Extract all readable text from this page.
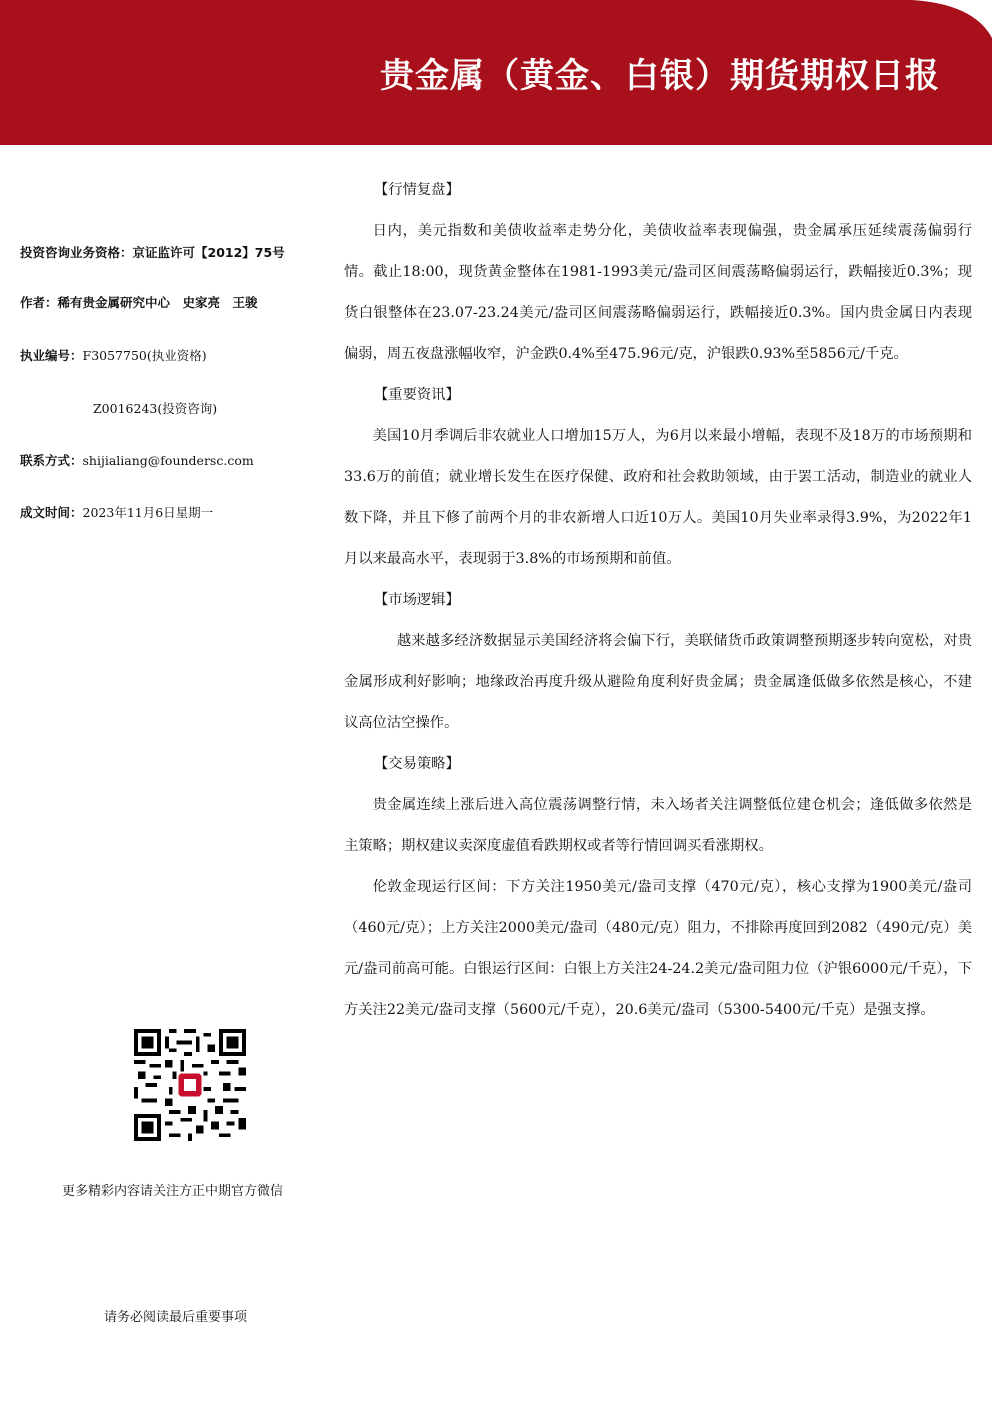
贵金属（黄金、白银）期货期权日报
投资咨询业务资格：京证监许可【2012】75号
作者：稀有贵金属研究中心　史家亮　王骏
执业编号：F3057750(执业资格)
Z0016243(投资咨询)
联系方式：shijialiang@foundersc.com
成文时间：2023年11月6日星期一
更多精彩内容请关注方正中期官方微信
请务必阅读最后重要事项
【行情复盘】

日内，美元指数和美债收益率走势分化，美债收益率表现偏强，贵金属承压延续震荡偏弱行情。截止18:00，现货黄金整体在1981-1993美元/盎司区间震荡略偏弱运行，跌幅接近0.3%；现货白银整体在23.07-23.24美元/盎司区间震荡略偏弱运行，跌幅接近0.3%。国内贵金属日内表现偏弱，周五夜盘涨幅收窄，沪金跌0.4%至475.96元/克，沪银跌0.93%至5856元/千克。

【重要资讯】

美国10月季调后非农就业人口增加15万人，为6月以来最小增幅，表现不及18万的市场预期和33.6万的前值；就业增长发生在医疗保健、政府和社会救助领域，由于罢工活动，制造业的就业人数下降，并且下修了前两个月的非农新增人口近10万人。美国10月失业率录得3.9%，为2022年1月以来最高水平，表现弱于3.8%的市场预期和前值。

【市场逻辑】

越来越多经济数据显示美国经济将会偏下行，美联储货币政策调整预期逐步转向宽松，对贵金属形成利好影响；地缘政治再度升级从避险角度利好贵金属；贵金属逢低做多依然是核心，不建议高位沽空操作。

【交易策略】

贵金属连续上涨后进入高位震荡调整行情，未入场者关注调整低位建仓机会；逢低做多依然是主策略；期权建议卖深度虚值看跌期权或者等行情回调买看涨期权。

伦敦金现运行区间：下方关注1950美元/盎司支撑（470元/克），核心支撑为1900美元/盎司（460元/克）；上方关注2000美元/盎司（480元/克）阻力，不排除再度回到2082（490元/克）美元/盎司前高可能。白银运行区间：白银上方关注24-24.2美元/盎司阻力位（沪银6000元/千克），下方关注22美元/盎司支撑（5600元/千克），20.6美元/盎司（5300-5400元/千克）是强支撑。
